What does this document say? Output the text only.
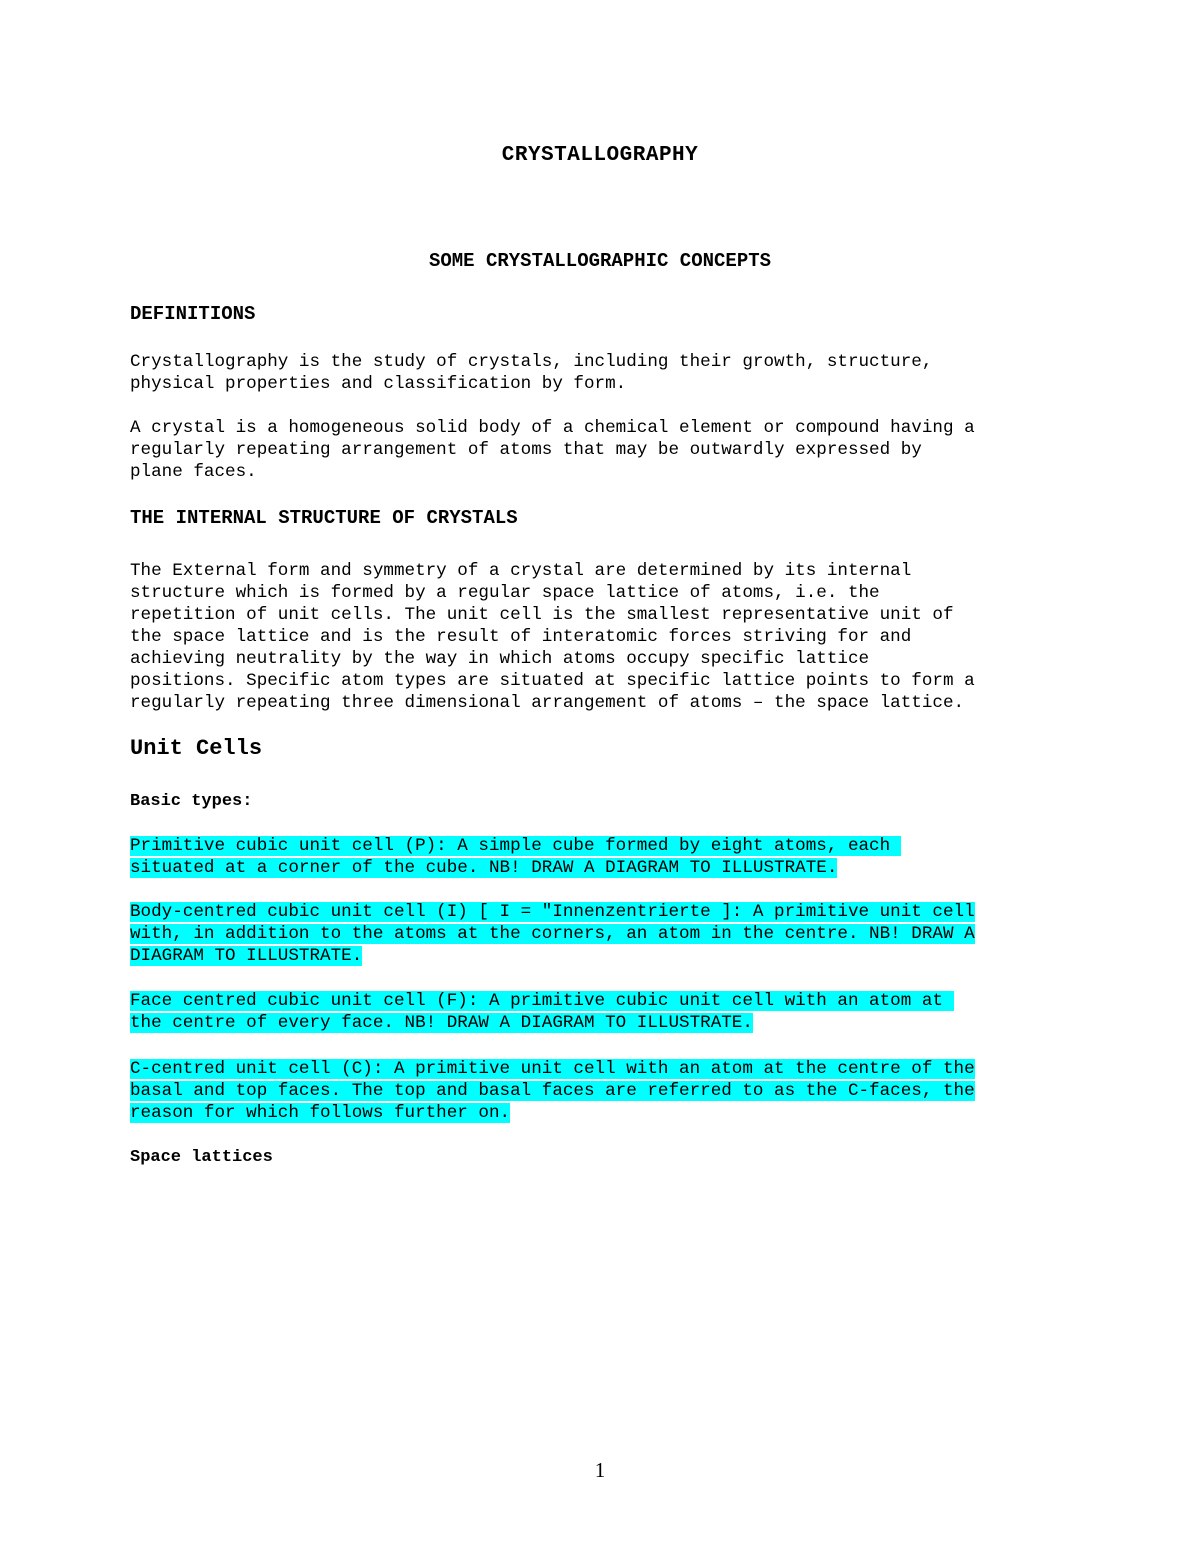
CRYSTALLOGRAPHY
SOME CRYSTALLOGRAPHIC CONCEPTS
DEFINITIONS
Crystallography is the study of crystals, including their growth, structure,
physical properties and classification by form.
A crystal is a homogeneous solid body of a chemical element or compound having a
regularly repeating arrangement of atoms that may be outwardly expressed by
plane faces.
THE INTERNAL STRUCTURE OF CRYSTALS
The External form and symmetry of a crystal are determined by its internal
structure which is formed by a regular space lattice of atoms, i.e. the
repetition of unit cells. The unit cell is the smallest representative unit of
the space lattice and is the result of interatomic forces striving for and
achieving neutrality by the way in which atoms occupy specific lattice
positions. Specific atom types are situated at specific lattice points to form a
regularly repeating three dimensional arrangement of atoms – the space lattice.
Unit Cells
Basic types:
Primitive cubic unit cell (P): A simple cube formed by eight atoms, each
situated at a corner of the cube. NB! DRAW A DIAGRAM TO ILLUSTRATE.
Body-centred cubic unit cell (I) [ I = "Innenzentrierte ]: A primitive unit cell
with, in addition to the atoms at the corners, an atom in the centre. NB! DRAW A
DIAGRAM TO ILLUSTRATE.
Face centred cubic unit cell (F): A primitive cubic unit cell with an atom at
the centre of every face. NB! DRAW A DIAGRAM TO ILLUSTRATE.
C-centred unit cell (C): A primitive unit cell with an atom at the centre of the
basal and top faces. The top and basal faces are referred to as the C-faces, the
reason for which follows further on.
Space lattices
1
